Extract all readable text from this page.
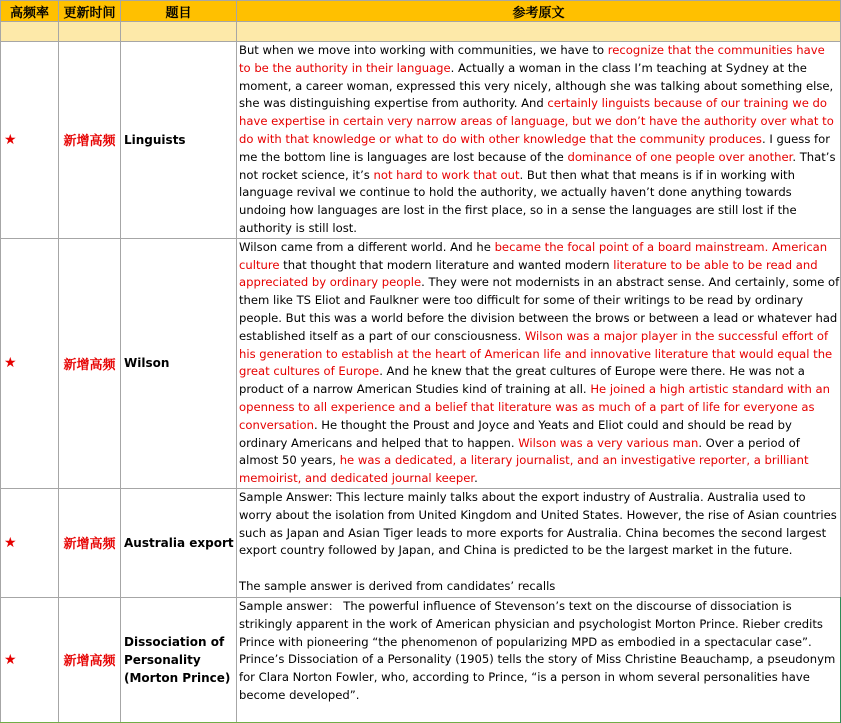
高频率	更新时间	题目	参考原文

★	新增高频	Linguists	But when we move into working with communities, we have to recognize that the communities have to be the authority in their language. Actually a woman in the class I’m teaching at Sydney at the moment, a career woman, expressed this very nicely, although she was talking about something else, she was distinguishing expertise from authority. And certainly linguists because of our training we do have expertise in certain very narrow areas of language, but we don’t have the authority over what to do with that knowledge or what to do with other knowledge that the community produces. I guess for me the bottom line is languages are lost because of the dominance of one people over another. That’s not rocket science, it’s not hard to work that out. But then what that means is if in working with language revival we continue to hold the authority, we actually haven’t done anything towards undoing how languages are lost in the first place, so in a sense the languages are still lost if the authority is still lost.
★	新增高频	Wilson	Wilson came from a different world. And he became the focal point of a board mainstream. American culture that thought that modern literature and wanted modern literature to be able to be read and appreciated by ordinary people. They were not modernists in an abstract sense. And certainly, some of them like TS Eliot and Faulkner were too difficult for some of their writings to be read by ordinary people. But this was a world before the division between the brows or between a lead or whatever had established itself as a part of our consciousness. Wilson was a major player in the successful effort of his generation to establish at the heart of American life and innovative literature that would equal the great cultures of Europe. And he knew that the great cultures of Europe were there. He was not a product of a narrow American Studies kind of training at all. He joined a high artistic standard with an openness to all experience and a belief that literature was as much of a part of life for everyone as conversation. He thought the Proust and Joyce and Yeats and Eliot could and should be read by ordinary Americans and helped that to happen. Wilson was a very various man. Over a period of almost 50 years, he was a dedicated, a literary journalist, and an investigative reporter, a brilliant memoirist, and dedicated journal keeper.
★	新增高频	Australia export	Sample Answer: This lecture mainly talks about the export industry of Australia. Australia used to worry about the isolation from United Kingdom and United States. However, the rise of Asian countries such as Japan and Asian Tiger leads to more exports for Australia. China becomes the second largest export country followed by Japan, and China is predicted to be the largest market in the future.

The sample answer is derived from candidates’ recalls
★	新增高频	Dissociation of Personality (Morton Prince)	Sample answer： The powerful influence of Stevenson’s text on the discourse of dissociation is strikingly apparent in the work of American physician and psychologist Morton Prince. Rieber credits Prince with pioneering “the phenomenon of popularizing MPD as embodied in a spectacular case”. Prince’s Dissociation of a Personality (1905) tells the story of Miss Christine Beauchamp, a pseudonym for Clara Norton Fowler, who, according to Prince, “is a person in whom several personalities have become developed”.
